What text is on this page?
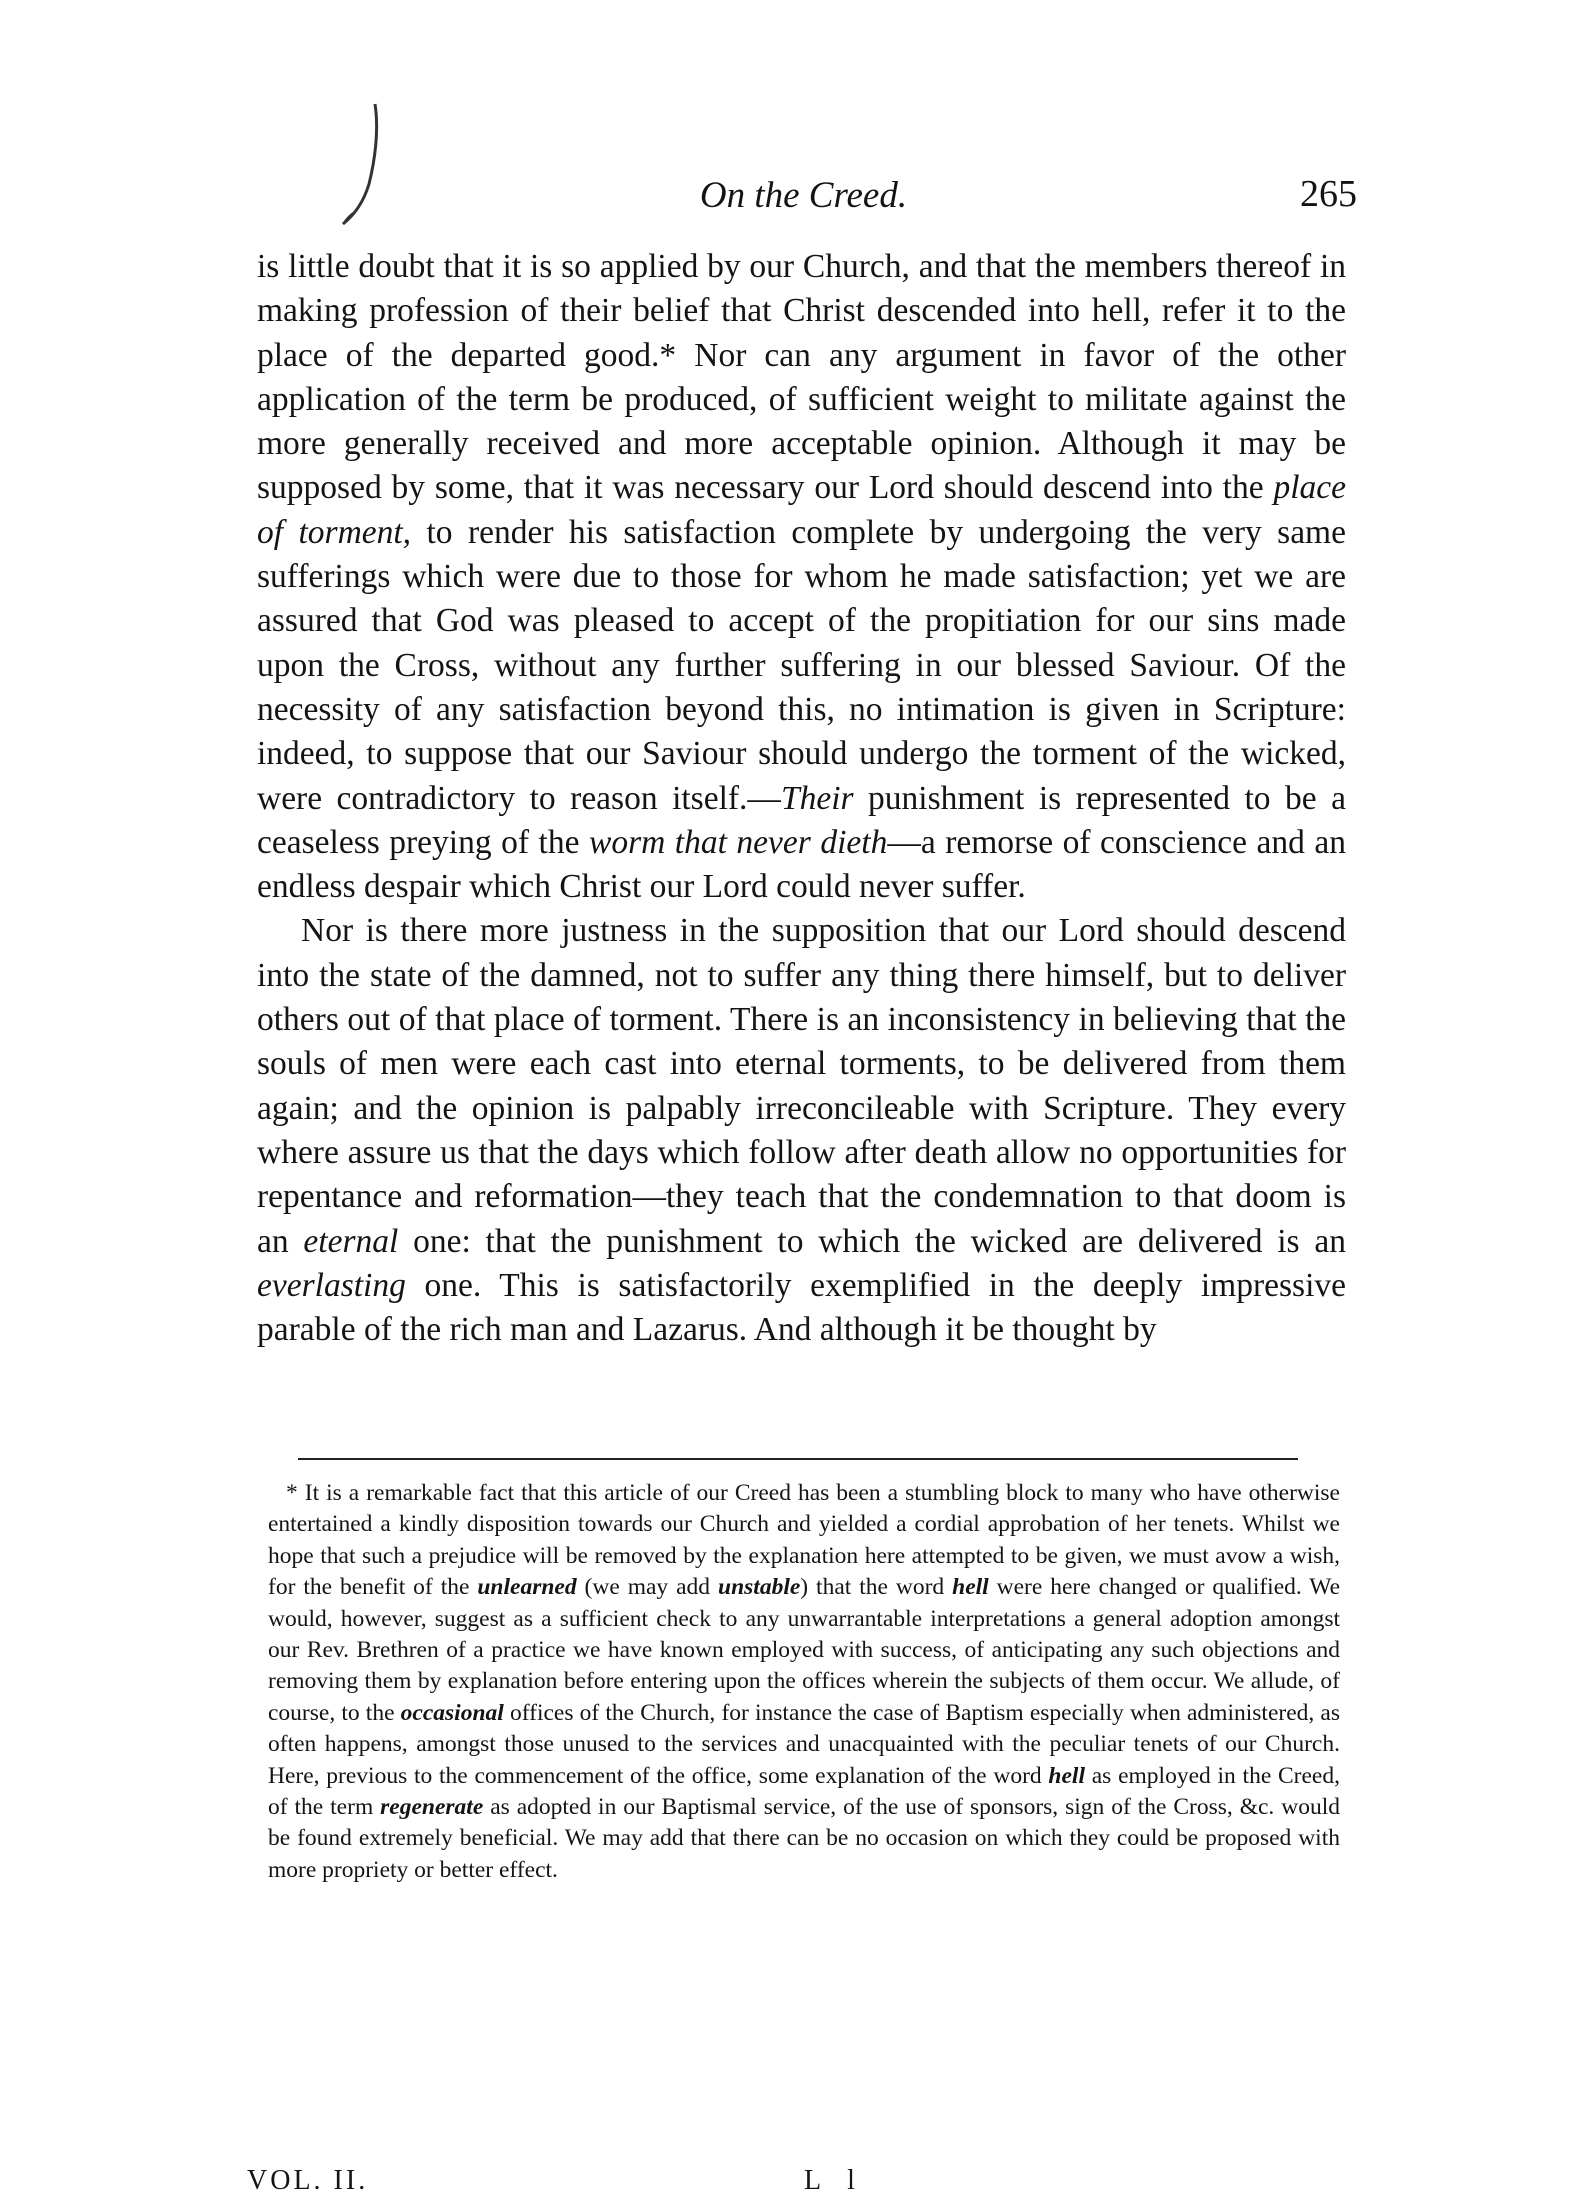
On the Creed.	265

is little doubt that it is so applied by our Church, and that the members thereof in making profession of their belief that Christ descended into hell, refer it to the place of the departed good.* Nor can any argument in favor of the other application of the term be produced, of sufficient weight to militate against the more generally received and more acceptable opinion. Although it may be supposed by some, that it was necessary our Lord should descend into the place of torment, to render his satisfaction complete by undergoing the very same sufferings which were due to those for whom he made satisfaction; yet we are assured that God was pleased to accept of the propitiation for our sins made upon the Cross, without any further suffering in our blessed Saviour. Of the necessity of any satisfaction beyond this, no intimation is given in Scripture: indeed, to suppose that our Saviour should undergo the torment of the wicked, were contradictory to reason itself.—Their punishment is represented to be a ceaseless preying of the worm that never dieth—a remorse of conscience and an endless despair which Christ our Lord could never suffer.

Nor is there more justness in the supposition that our Lord should descend into the state of the damned, not to suffer any thing there himself, but to deliver others out of that place of torment. There is an inconsistency in believing that the souls of men were each cast into eternal torments, to be delivered from them again; and the opinion is palpably irreconcileable with Scripture. They every where assure us that the days which follow after death allow no opportunities for repentance and reformation—they teach that the condemnation to that doom is an eternal one: that the punishment to which the wicked are delivered is an everlasting one. This is satisfactorily exemplified in the deeply impressive parable of the rich man and Lazarus. And although it be thought by

* It is a remarkable fact that this article of our Creed has been a stumbling block to many who have otherwise entertained a kindly disposition towards our Church and yielded a cordial approbation of her tenets. Whilst we hope that such a prejudice will be removed by the explanation here attempted to be given, we must avow a wish, for the benefit of the unlearned (we may add unstable) that the word hell were here changed or qualified. We would, however, suggest as a sufficient check to any unwarrantable interpretations a general adoption amongst our Rev. Brethren of a practice we have known employed with success, of anticipating any such objections and removing them by explanation before entering upon the offices wherein the subjects of them occur. We allude, of course, to the occasional offices of the Church, for instance the case of Baptism especially when administered, as often happens, amongst those unused to the services and unacquainted with the peculiar tenets of our Church. Here, previous to the commencement of the office, some explanation of the word hell as employed in the Creed, of the term regenerate as adopted in our Baptismal service, of the use of sponsors, sign of the Cross, &c. would be found extremely beneficial. We may add that there can be no occasion on which they could be proposed with more propriety or better effect.

VOL. II.	L l
